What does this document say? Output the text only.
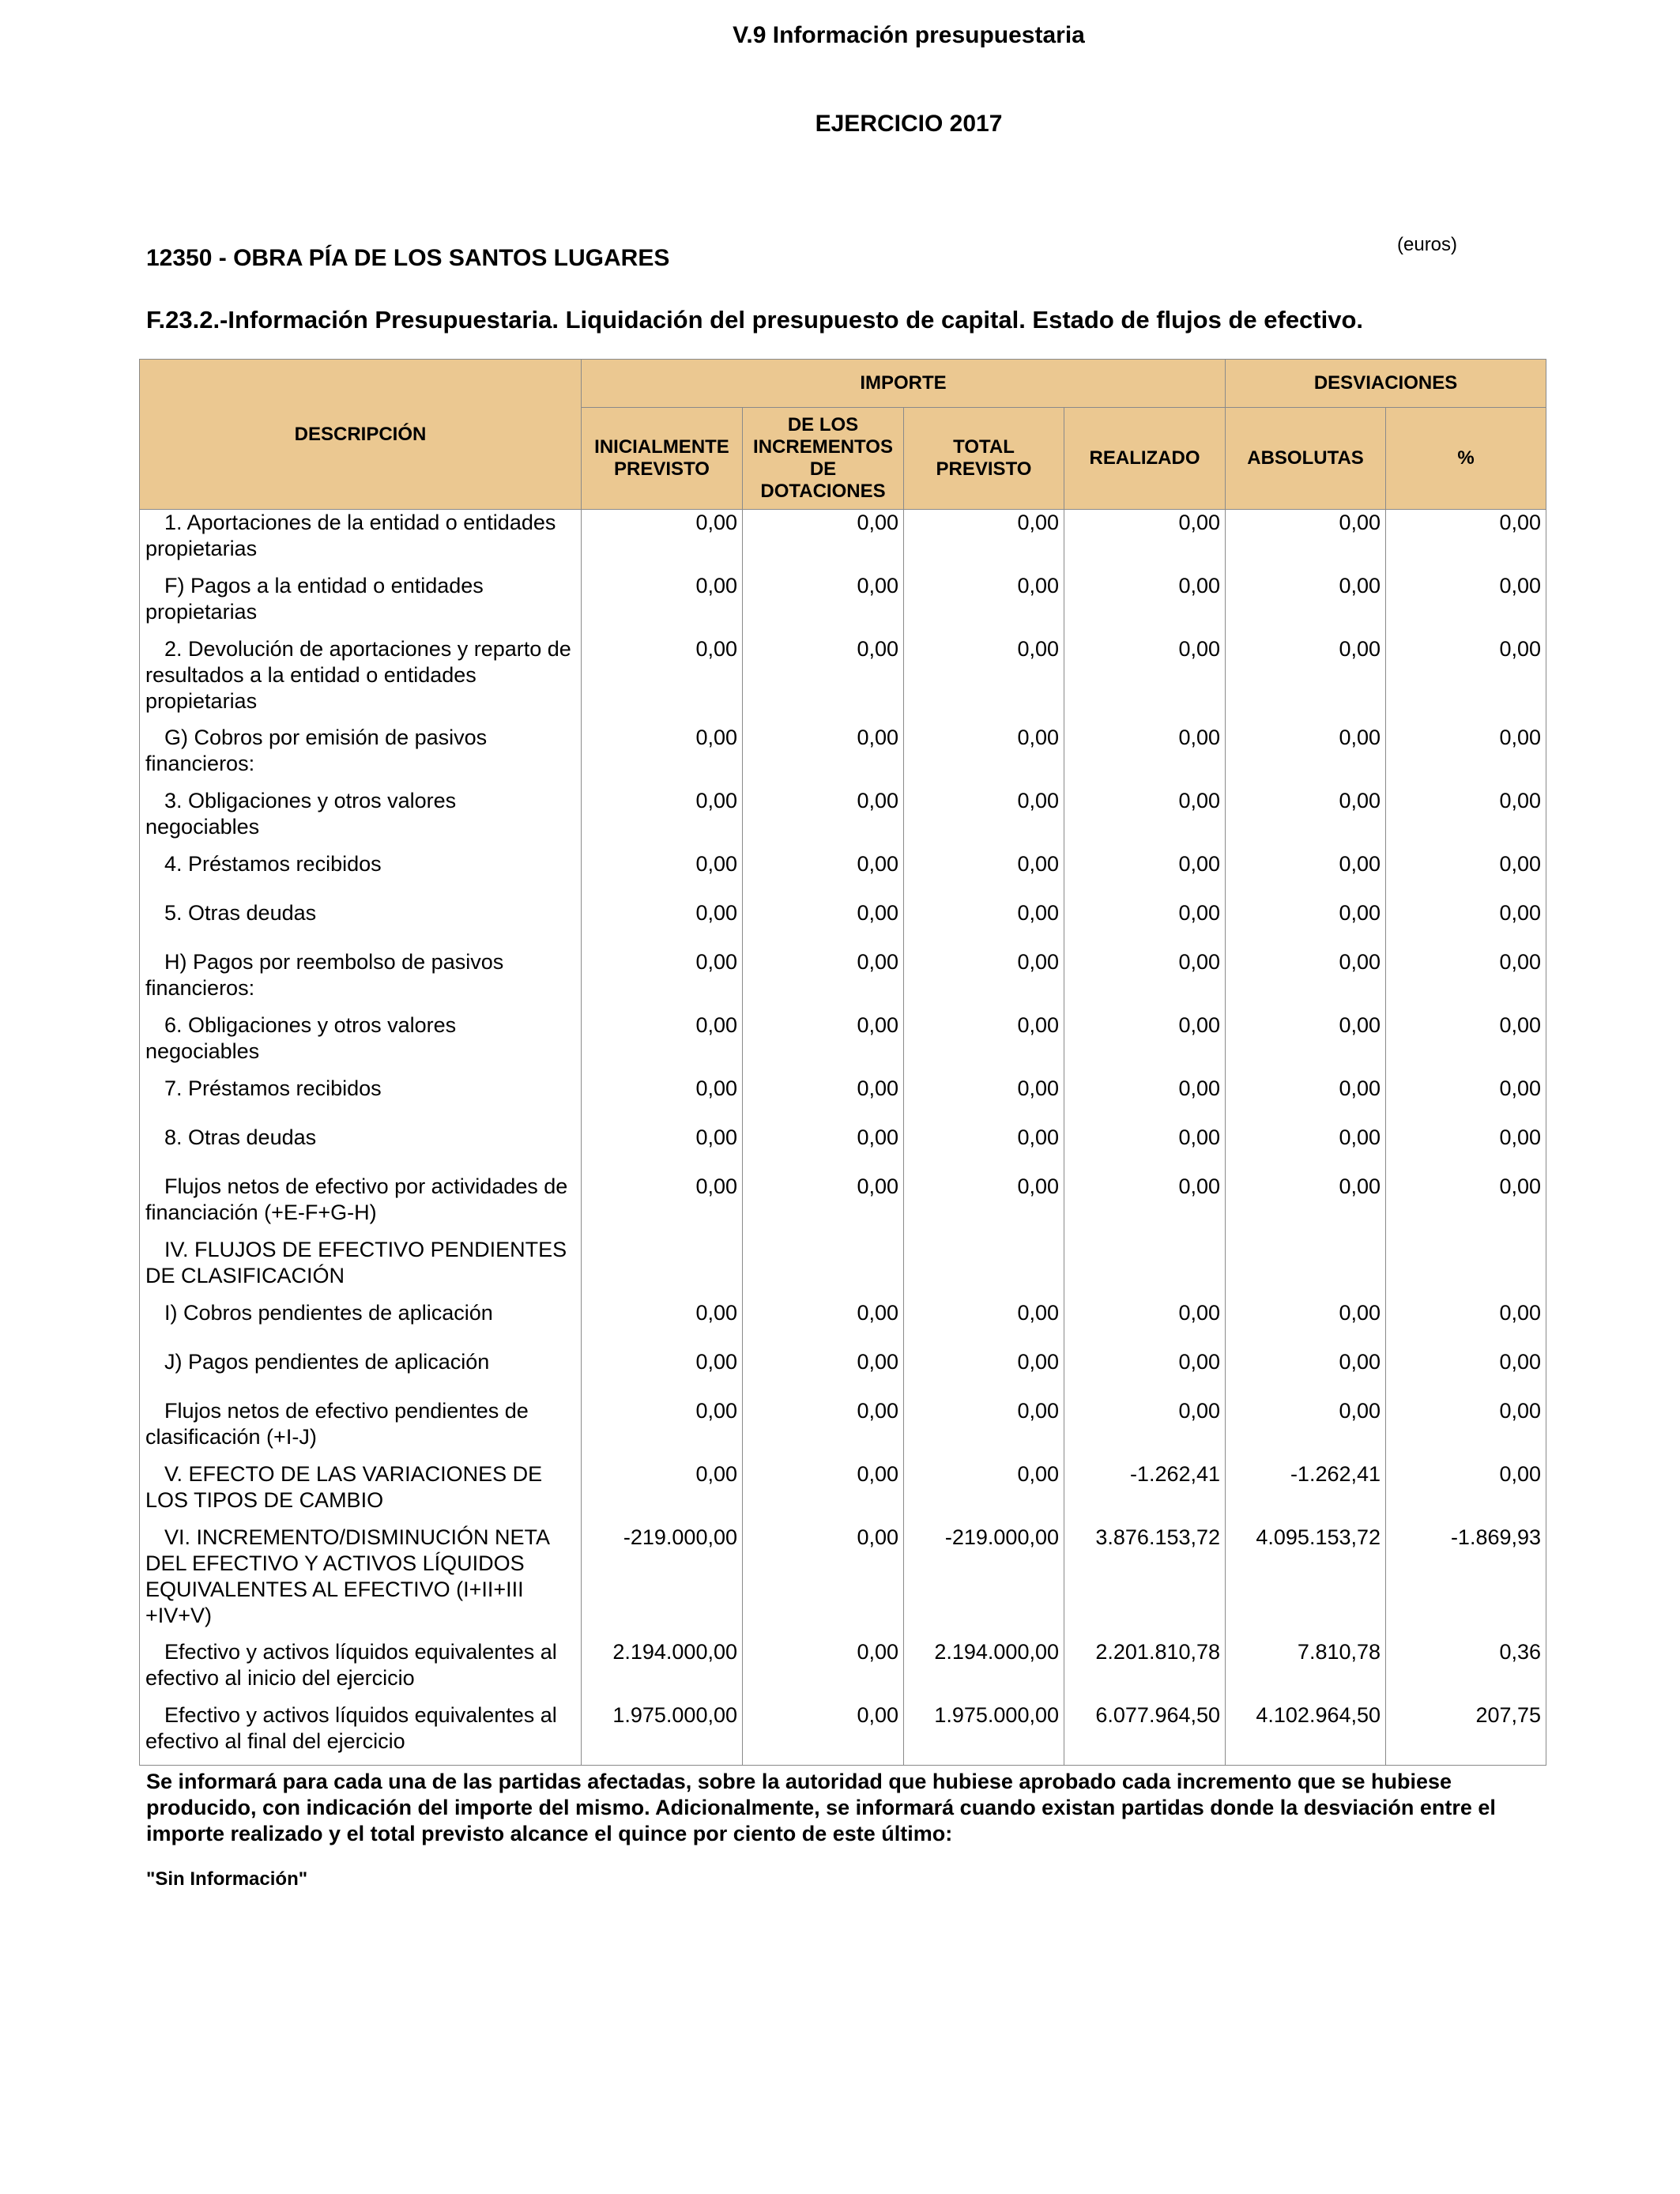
V.9 Información presupuestaria
EJERCICIO 2017
12350 - OBRA PÍA DE LOS SANTOS LUGARES
(euros)
F.23.2.-Información Presupuestaria. Liquidación del presupuesto de capital. Estado de flujos de efectivo.
DESCRIPCIÓN	IMPORTE				DESVIACIONES	
	INICIALMENTE PREVISTO	DE LOS INCREMENTOS DE DOTACIONES	TOTAL PREVISTO	REALIZADO	ABSOLUTAS	%
1. Aportaciones de la entidad o entidades propietarias	0,00	0,00	0,00	0,00	0,00	0,00
F) Pagos a la entidad o entidades propietarias	0,00	0,00	0,00	0,00	0,00	0,00
2. Devolución de aportaciones y reparto de resultados a la entidad o entidades propietarias	0,00	0,00	0,00	0,00	0,00	0,00
G) Cobros por emisión de pasivos financieros:	0,00	0,00	0,00	0,00	0,00	0,00
3. Obligaciones y otros valores negociables	0,00	0,00	0,00	0,00	0,00	0,00
4. Préstamos recibidos	0,00	0,00	0,00	0,00	0,00	0,00
5. Otras deudas	0,00	0,00	0,00	0,00	0,00	0,00
H) Pagos por reembolso de pasivos financieros:	0,00	0,00	0,00	0,00	0,00	0,00
6. Obligaciones y otros valores negociables	0,00	0,00	0,00	0,00	0,00	0,00
7. Préstamos recibidos	0,00	0,00	0,00	0,00	0,00	0,00
8. Otras deudas	0,00	0,00	0,00	0,00	0,00	0,00
Flujos netos de efectivo por actividades de financiación (+E-F+G-H)	0,00	0,00	0,00	0,00	0,00	0,00
IV. FLUJOS DE EFECTIVO PENDIENTES DE CLASIFICACIÓN						
I) Cobros pendientes de aplicación	0,00	0,00	0,00	0,00	0,00	0,00
J) Pagos pendientes de aplicación	0,00	0,00	0,00	0,00	0,00	0,00
Flujos netos de efectivo pendientes de clasificación (+I-J)	0,00	0,00	0,00	0,00	0,00	0,00
V. EFECTO DE LAS VARIACIONES DE LOS TIPOS DE CAMBIO	0,00	0,00	0,00	-1.262,41	-1.262,41	0,00
VI. INCREMENTO/DISMINUCIÓN NETA DEL EFECTIVO Y ACTIVOS LÍQUIDOS EQUIVALENTES AL EFECTIVO (I+II+III +IV+V)	-219.000,00	0,00	-219.000,00	3.876.153,72	4.095.153,72	-1.869,93
Efectivo y activos líquidos equivalentes al efectivo al inicio del ejercicio	2.194.000,00	0,00	2.194.000,00	2.201.810,78	7.810,78	0,36
Efectivo y activos líquidos equivalentes al efectivo al final del ejercicio	1.975.000,00	0,00	1.975.000,00	6.077.964,50	4.102.964,50	207,75
Se informará para cada una de las partidas afectadas, sobre la autoridad que hubiese aprobado cada incremento que se hubiese producido, con indicación del importe del mismo. Adicionalmente, se informará cuando existan partidas donde la desviación entre el importe realizado y el total previsto alcance el quince por ciento de este último:
"Sin Información"
